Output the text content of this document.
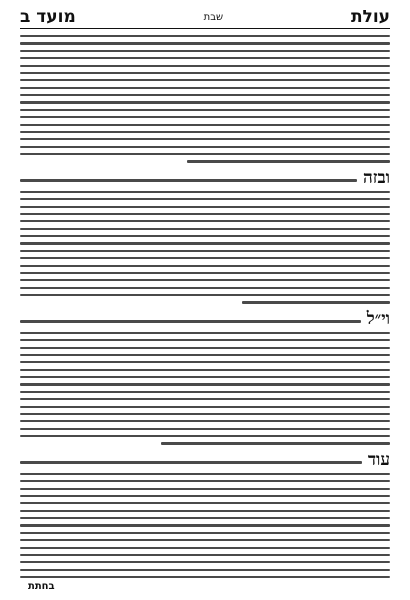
עולת
שבת
מועד ב
ובזה
וי״ל
עוד
בחתת
